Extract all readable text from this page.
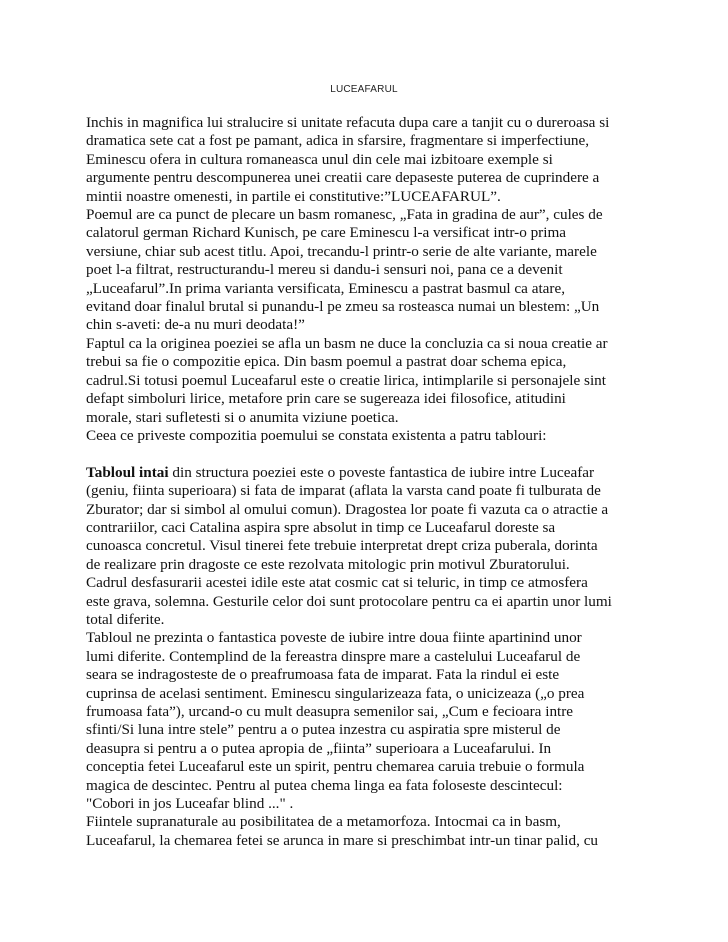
LUCEAFARUL
Inchis in magnifica lui stralucire si unitate refacuta dupa care a tanjit cu o dureroasa si
dramatica sete cat a fost pe pamant, adica in sfarsire, fragmentare si imperfectiune,
Eminescu ofera in cultura romaneasca unul din cele mai izbitoare exemple si
argumente pentru descompunerea unei creatii care depaseste puterea de cuprindere a
mintii noastre omenesti, in partile ei constitutive:”LUCEAFARUL”.
Poemul are ca punct de plecare un basm romanesc, „Fata in gradina de aur”, cules de
calatorul german Richard Kunisch, pe care Eminescu l-a versificat intr-o prima
versiune, chiar sub acest titlu. Apoi, trecandu-l printr-o serie de alte variante, marele
poet l-a filtrat, restructurandu-l mereu si dandu-i sensuri noi, pana ce a devenit
„Luceafarul”.In prima varianta versificata, Eminescu a pastrat basmul ca atare,
evitand doar finalul brutal si punandu-l pe zmeu sa rosteasca numai un blestem: „Un
chin s-aveti: de-a nu muri deodata!”
Faptul ca la originea poeziei se afla un basm ne duce la concluzia ca si noua creatie ar
trebui sa fie o compozitie epica. Din basm poemul a pastrat doar schema epica,
cadrul.Si totusi poemul Luceafarul este o creatie lirica, intimplarile si personajele sint
defapt simboluri lirice, metafore prin care se sugereaza idei filosofice, atitudini
morale, stari sufletesti si o anumita viziune poetica.
Ceea ce priveste compozitia poemului se constata existenta a patru tablouri:
Tabloul intai din structura poeziei este o poveste fantastica de iubire intre Luceafar
(geniu, fiinta superioara) si fata de imparat (aflata la varsta cand poate fi tulburata de
Zburator; dar si simbol al omului comun). Dragostea lor poate fi vazuta ca o atractie a
contrariilor, caci Catalina aspira spre absolut in timp ce Luceafarul doreste sa
cunoasca concretul. Visul tinerei fete trebuie interpretat drept criza puberala, dorinta
de realizare prin dragoste ce este rezolvata mitologic prin motivul Zburatorului.
Cadrul desfasurarii acestei idile este atat cosmic cat si teluric, in timp ce atmosfera
este grava, solemna. Gesturile celor doi sunt protocolare pentru ca ei apartin unor lumi
total diferite.
Tabloul ne prezinta o fantastica poveste de iubire intre doua fiinte apartinind unor
lumi diferite. Contemplind de la fereastra dinspre mare a castelului Luceafarul de
seara se indragosteste de o preafrumoasa fata de imparat. Fata la rindul ei este
cuprinsa de acelasi sentiment. Eminescu singularizeaza fata, o unicizeaza („o prea
frumoasa fata”), urcand-o cu mult deasupra semenilor sai, „Cum e fecioara intre
sfinti/Si luna intre stele” pentru a o putea inzestra cu aspiratia spre misterul de
deasupra si pentru a o putea apropia de „fiinta” superioara a Luceafarului. In
conceptia fetei Luceafarul este un spirit, pentru chemarea caruia trebuie o formula
magica de descintec. Pentru al putea chema linga ea fata foloseste descintecul:
"Cobori in jos Luceafar blind ..." .
Fiintele supranaturale au posibilitatea de a metamorfoza. Intocmai ca in basm,
Luceafarul, la chemarea fetei se arunca in mare si preschimbat intr-un tinar palid, cu
